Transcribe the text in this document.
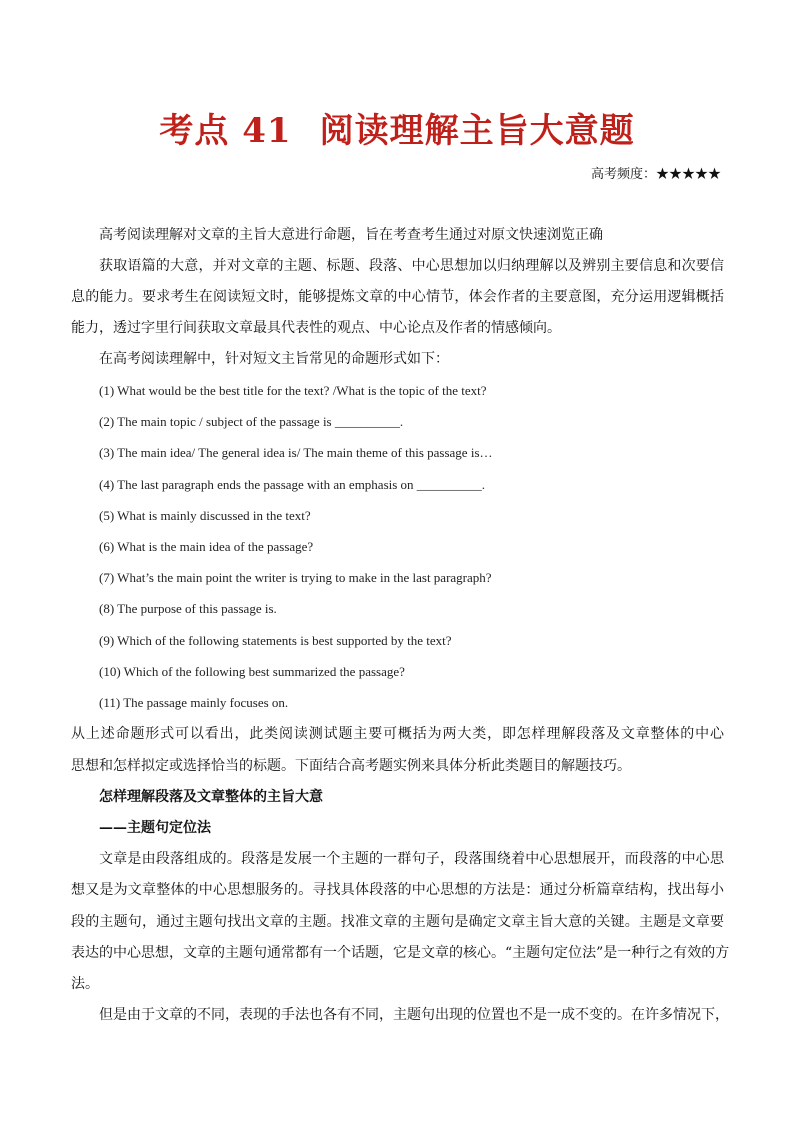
考点 41 阅读理解主旨大意题
高考频度：★★★★★
高考阅读理解对文章的主旨大意进行命题，旨在考查考生通过对原文快速浏览正确
获取语篇的大意，并对文章的主题、标题、段落、中心思想加以归纳理解以及辨别主要信息和次要信
息的能力。要求考生在阅读短文时，能够提炼文章的中心情节，体会作者的主要意图，充分运用逻辑概括
能力，透过字里行间获取文章最具代表性的观点、中心论点及作者的情感倾向。
在高考阅读理解中，针对短文主旨常见的命题形式如下：
(1) What would be the best title for the text? /What is the topic of the text?
(2) The main topic / subject of the passage is __________.
(3) The main idea/ The general idea is/ The main theme of this passage is…
(4) The last paragraph ends the passage with an emphasis on __________.
(5) What is mainly discussed in the text?
(6) What is the main idea of the passage?
(7) What’s the main point the writer is trying to make in the last paragraph?
(8) The purpose of this passage is.
(9) Which of the following statements is best supported by the text?
(10) Which of the following best summarized the passage?
(11) The passage mainly focuses on.
从上述命题形式可以看出，此类阅读测试题主要可概括为两大类，即怎样理解段落及文章整体的中心
思想和怎样拟定或选择恰当的标题。下面结合高考题实例来具体分析此类题目的解题技巧。
怎样理解段落及文章整体的主旨大意
——主题句定位法
文章是由段落组成的。段落是发展一个主题的一群句子，段落围绕着中心思想展开，而段落的中心思
想又是为文章整体的中心思想服务的。寻找具体段落的中心思想的方法是：通过分析篇章结构，找出每小
段的主题句，通过主题句找出文章的主题。找准文章的主题句是确定文章主旨大意的关键。主题是文章要
表达的中心思想，文章的主题句通常都有一个话题，它是文章的核心。“主题句定位法”是一种行之有效的方
法。
但是由于文章的不同，表现的手法也各有不同，主题句出现的位置也不是一成不变的。在许多情况下，
